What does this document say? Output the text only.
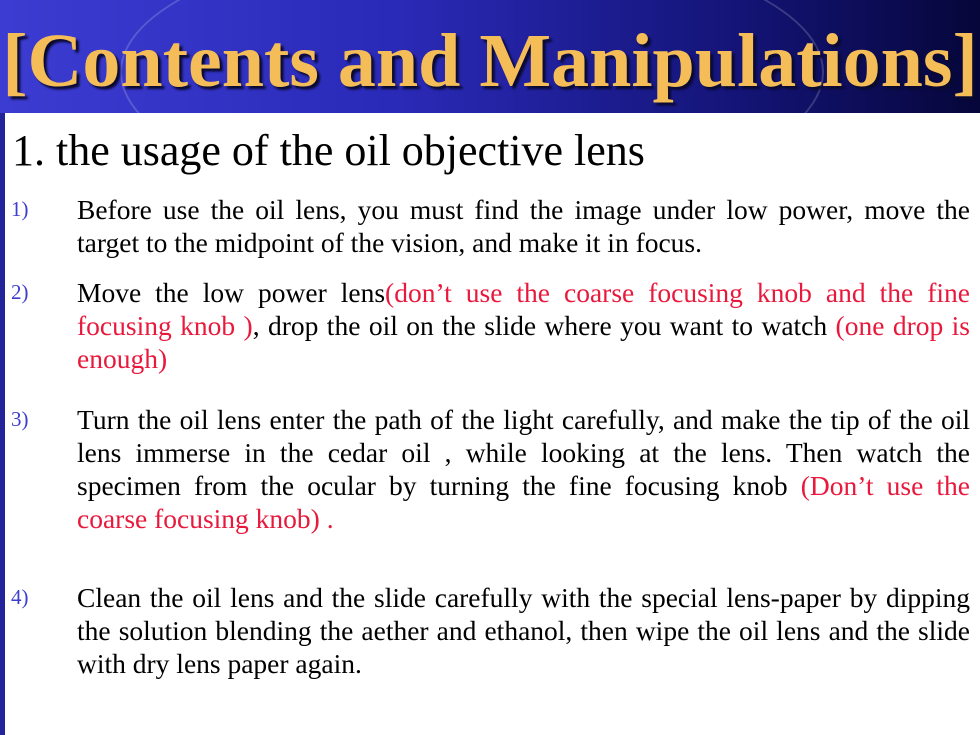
[Contents and Manipulations]
1. the usage of the oil objective lens
1) Before use the oil lens, you must find the image under low power, move the target to the midpoint of the vision, and make it in focus.
2) Move the low power lens(don’t use the coarse focusing knob and the fine focusing knob ), drop the oil on the slide where you want to watch (one drop is enough)
3) Turn the oil lens enter the path of the light carefully, and make the tip of the oil lens immerse in the cedar oil , while looking at the lens. Then watch the specimen from the ocular by turning the fine focusing knob (Don’t use the coarse focusing knob) .
4) Clean the oil lens and the slide carefully with the special lens-paper by dipping the solution blending the aether and ethanol, then wipe the oil lens and the slide with dry lens paper again.
